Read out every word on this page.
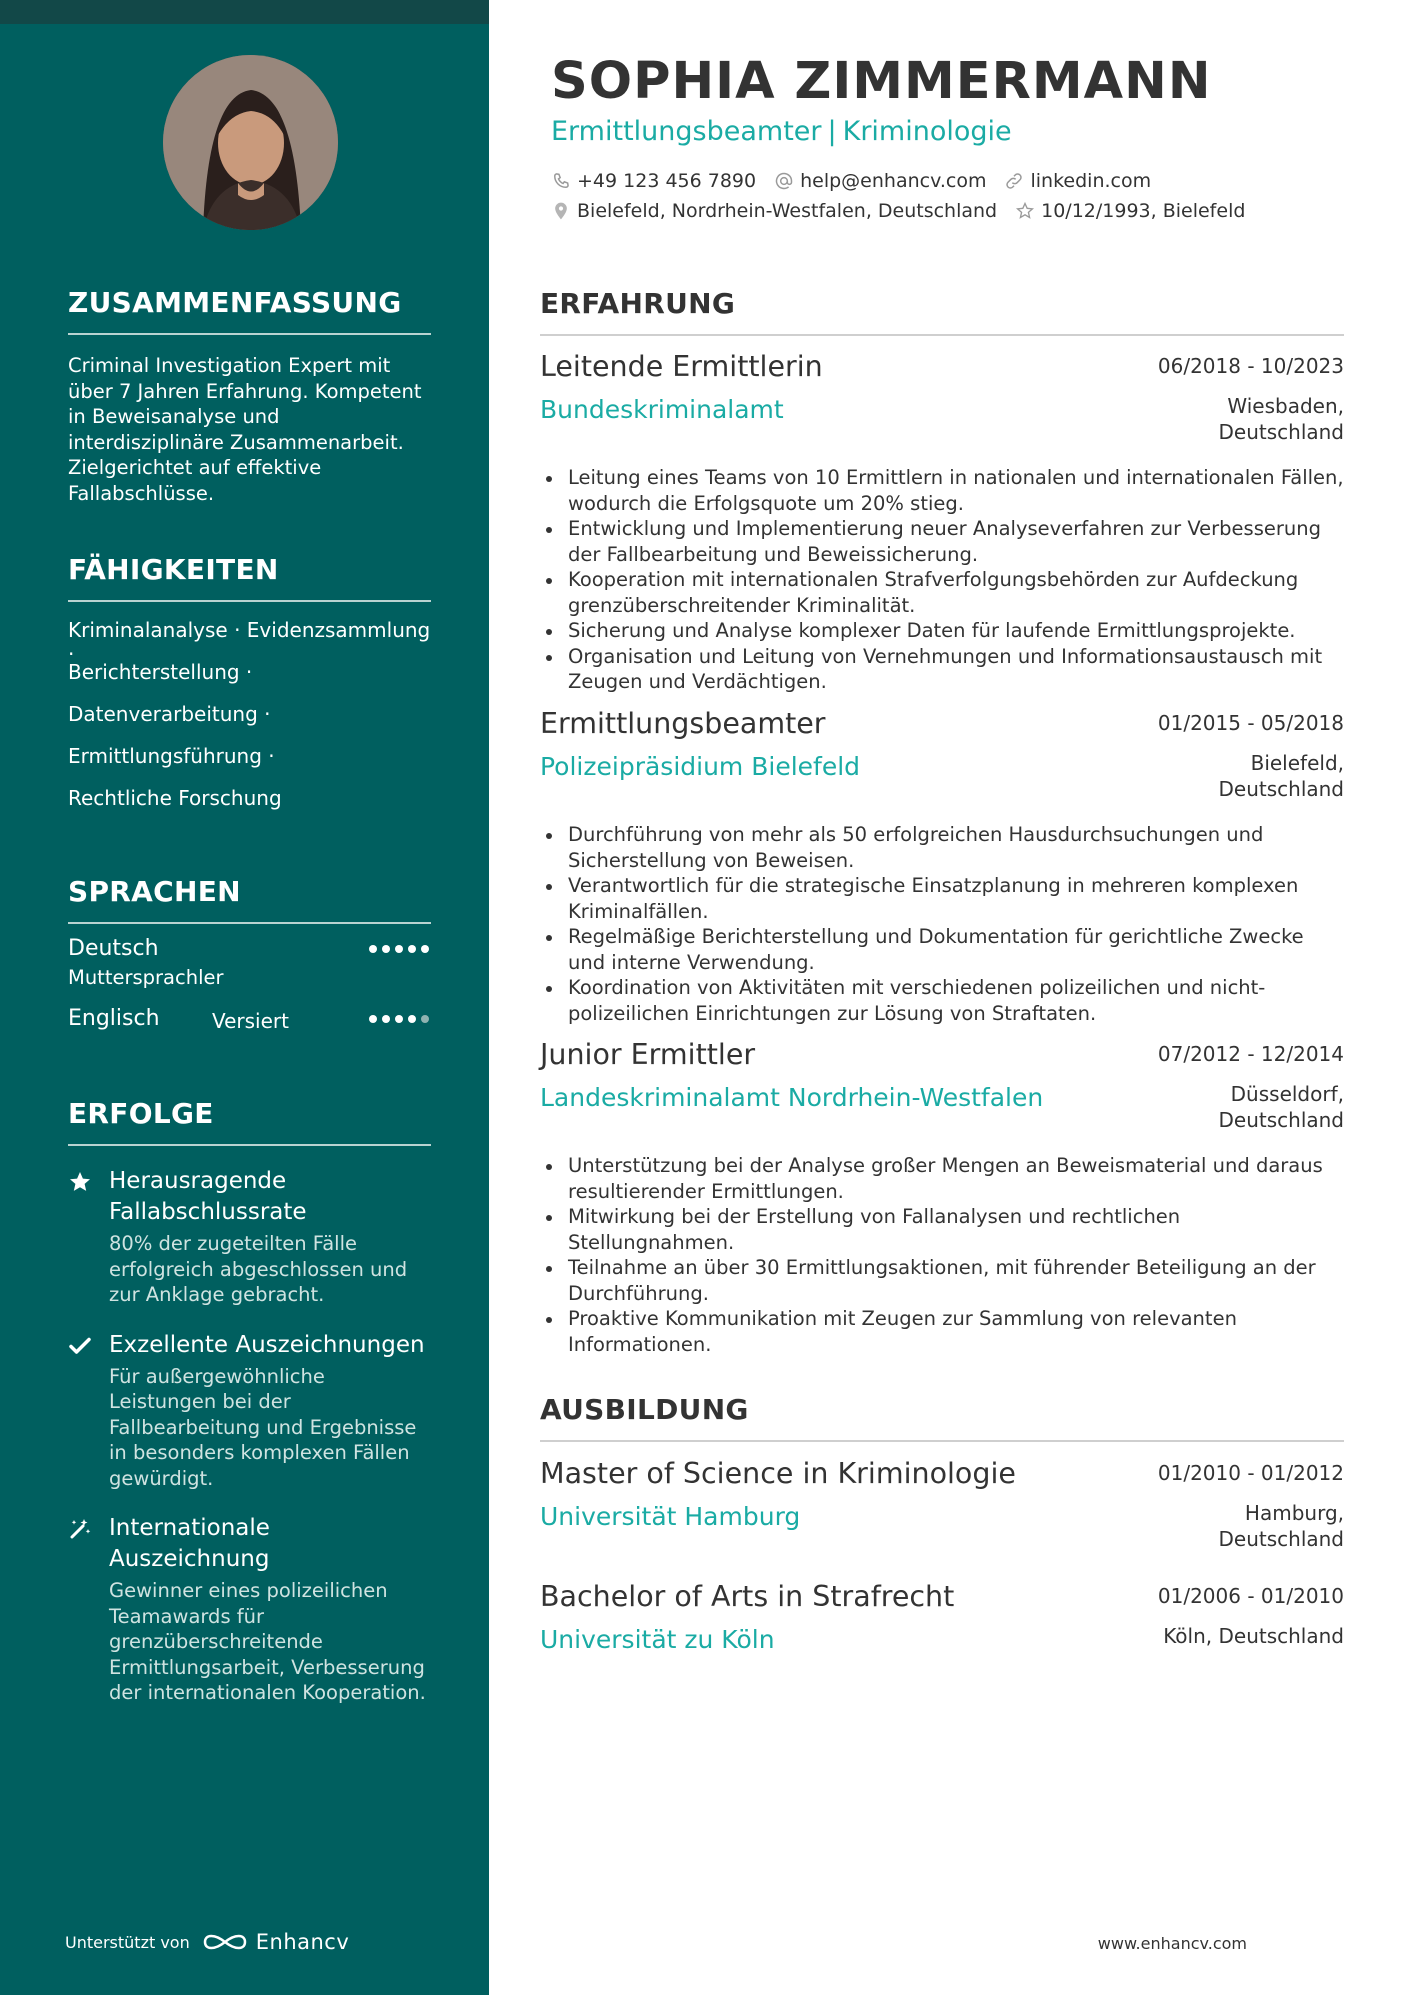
ZUSAMMENFASSUNG

Criminal Investigation Expert mit über 7 Jahren Erfahrung. Kompetent in Beweisanalyse und interdisziplinäre Zusammenarbeit. Zielgerichtet auf effektive Fallabschlüsse.

FÄHIGKEITEN
Kriminalanalyse · Evidenzsammlung ·
Berichterstellung ·
Datenverarbeitung ·
Ermittlungsführung ·
Rechtliche Forschung
SPRACHEN
Deutsch
Muttersprachler
Englisch	Versiert
ERFOLGE
Herausragende Fallabschlussrate
80% der zugeteilten Fälle erfolgreich abgeschlossen und zur Anklage gebracht.
Exzellente Auszeichnungen
Für außergewöhnliche Leistungen bei der Fallbearbeitung und Ergebnisse in besonders komplexen Fällen gewürdigt.
Internationale Auszeichnung
Gewinner eines polizeilichen Teamawards für grenzüberschreitende Ermittlungsarbeit, Verbesserung der internationalen Kooperation.
Unterstützt von	Enhancv
SOPHIA ZIMMERMANN
Ermittlungsbeamter | Kriminologie
+49 123 456 7890 help@enhancv.com linkedin.com
Bielefeld, Nordrhein-Westfalen, Deutschland 10/12/1993, Bielefeld
ERFAHRUNG
Leitende Ermittlerin	06/2018 - 10/2023
Bundeskriminalamt	Wiesbaden,
Deutschland
Leitung eines Teams von 10 Ermittlern in nationalen und internationalen Fällen, wodurch die Erfolgsquote um 20% stieg.
Entwicklung und Implementierung neuer Analyseverfahren zur Verbesserung der Fallbearbeitung und Beweissicherung.
Kooperation mit internationalen Strafverfolgungsbehörden zur Aufdeckung grenzüberschreitender Kriminalität.
Sicherung und Analyse komplexer Daten für laufende Ermittlungsprojekte.
Organisation und Leitung von Vernehmungen und Informationsaustausch mit Zeugen und Verdächtigen.
Ermittlungsbeamter	01/2015 - 05/2018
Polizeipräsidium Bielefeld	Bielefeld,
Deutschland
Durchführung von mehr als 50 erfolgreichen Hausdurchsuchungen und Sicherstellung von Beweisen.
Verantwortlich für die strategische Einsatzplanung in mehreren komplexen Kriminalfällen.
Regelmäßige Berichterstellung und Dokumentation für gerichtliche Zwecke und interne Verwendung.
Koordination von Aktivitäten mit verschiedenen polizeilichen und nicht-polizeilichen Einrichtungen zur Lösung von Straftaten.
Junior Ermittler	07/2012 - 12/2014
Landeskriminalamt Nordrhein-Westfalen	Düsseldorf,
Deutschland
Unterstützung bei der Analyse großer Mengen an Beweismaterial und daraus resultierender Ermittlungen.
Mitwirkung bei der Erstellung von Fallanalysen und rechtlichen Stellungnahmen.
Teilnahme an über 30 Ermittlungsaktionen, mit führender Beteiligung an der Durchführung.
Proaktive Kommunikation mit Zeugen zur Sammlung von relevanten Informationen.
AUSBILDUNG
Master of Science in Kriminologie	01/2010 - 01/2012
Universität Hamburg	Hamburg,
Deutschland
Bachelor of Arts in Strafrecht	01/2006 - 01/2010
Universität zu Köln	Köln, Deutschland
www.enhancv.com
